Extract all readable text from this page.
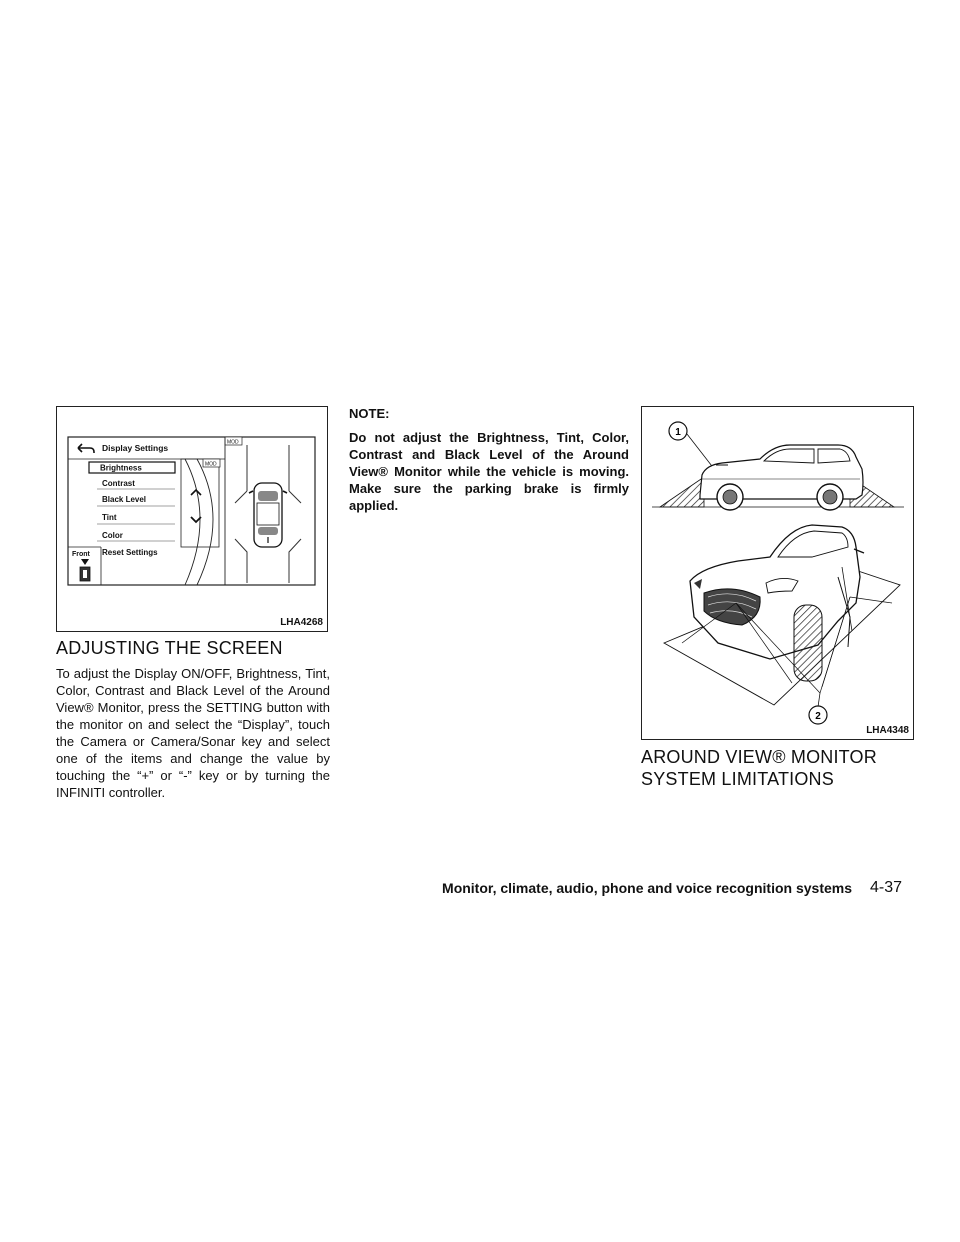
Display Settings
Brightness
Contrast
Black Level
Tint
Color
Reset Settings
Front
MOD
MOD
LHA4268
ADJUSTING THE SCREEN

To adjust the Display ON/OFF, Brightness, Tint, Color, Contrast and Black Level of the Around View® Monitor, press the SETTING button with the monitor on and select the “Display”, touch the Camera or Camera/Sonar key and select one of the items and change the value by touching the “+” or “-” key or by turning the INFINITI controller.

NOTE:

Do not adjust the Brightness, Tint, Color, Contrast and Black Level of the Around View® Monitor while the vehicle is moving. Make sure the parking brake is firmly applied.

1
2
LHA4348
AROUND VIEW® MONITOR
SYSTEM LIMITATIONS
Monitor, climate, audio, phone and voice recognition systems 4-37
